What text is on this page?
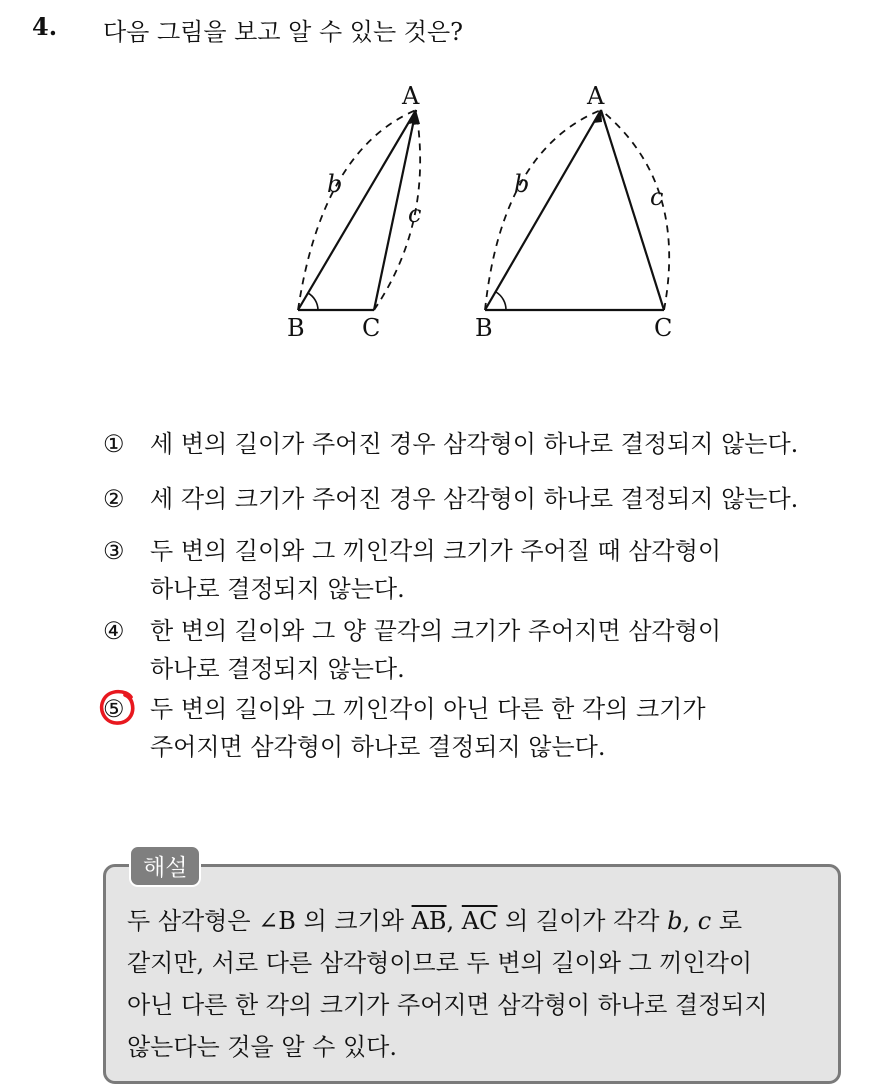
4. 다음 그림을 보고 알 수 있는 것은?
A
B C
b
c
A
B	C
b	c
①	세 변의 길이가 주어진 경우 삼각형이 하나로 결정되지 않는다.
②	세 각의 크기가 주어진 경우 삼각형이 하나로 결정되지 않는다.
③	두 변의 길이와 그 끼인각의 크기가 주어질 때 삼각형이
하나로 결정되지 않는다.
④	한 변의 길이와 그 양 끝각의 크기가 주어지면 삼각형이
하나로 결정되지 않는다.
⑤	두 변의 길이와 그 끼인각이 아닌 다른 한 각의 크기가
주어지면 삼각형이 하나로 결정되지 않는다.
해설
두 삼각형은 ∠B 의 크기와 $\overline{AB}$, $\overline{AC}$ 의 길이가 각각 b, c 로
같지만, 서로 다른 삼각형이므로 두 변의 길이와 그 끼인각이
아닌 다른 한 각의 크기가 주어지면 삼각형이 하나로 결정되지
않는다는 것을 알 수 있다.
